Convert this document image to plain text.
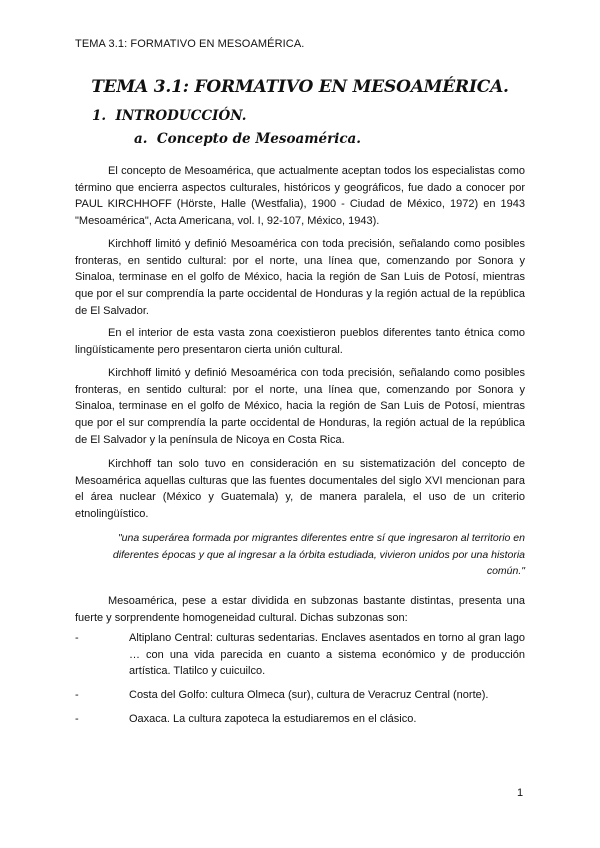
TEMA 3.1: FORMATIVO EN MESOAMÉRICA.
TEMA 3.1: FORMATIVO EN MESOAMÉRICA.
1. INTRODUCCIÓN.
a. Concepto de Mesoamérica.

El concepto de Mesoamérica, que actualmente aceptan todos los especialistas como término que encierra aspectos culturales, históricos y geográficos, fue dado a conocer por PAUL KIRCHHOFF (Hörste, Halle (Westfalia), 1900 - Ciudad de México, 1972) en 1943 "Mesoamérica", Acta Americana, vol. I, 92-107, México, 1943).

Kirchhoff limitó y definió Mesoamérica con toda precisión, señalando como posibles fronteras, en sentido cultural: por el norte, una línea que, comenzando por Sonora y Sinaloa, terminase en el golfo de México, hacia la región de San Luis de Potosí, mientras que por el sur comprendía la parte occidental de Honduras y la región actual de la república de El Salvador.

En el interior de esta vasta zona coexistieron pueblos diferentes tanto étnica como lingüísticamente pero presentaron cierta unión cultural.

Kirchhoff limitó y definió Mesoamérica con toda precisión, señalando como posibles fronteras, en sentido cultural: por el norte, una línea que, comenzando por Sonora y Sinaloa, terminase en el golfo de México, hacia la región de San Luis de Potosí, mientras que por el sur comprendía la parte occidental de Honduras, la región actual de la república de El Salvador y la península de Nicoya en Costa Rica.

Kirchhoff tan solo tuvo en consideración en su sistematización del concepto de Mesoamérica aquellas culturas que las fuentes documentales del siglo XVI mencionan para el área nuclear (México y Guatemala) y, de manera paralela, el uso de un criterio etnolingüístico.

"una superárea formada por migrantes diferentes entre sí que ingresaron al territorio en diferentes épocas y que al ingresar a la órbita estudiada, vivieron unidos por una historia común."

Mesoamérica, pese a estar dividida en subzonas bastante distintas, presenta una fuerte y sorprendente homogeneidad cultural. Dichas subzonas son:

-	Altiplano Central: culturas sedentarias. Enclaves asentados en torno al gran lago … con una vida parecida en cuanto a sistema económico y de producción artística. Tlatilco y cuicuilco.
-	Costa del Golfo: cultura Olmeca (sur), cultura de Veracruz Central (norte).
-	Oaxaca. La cultura zapoteca la estudiaremos en el clásico.
1
